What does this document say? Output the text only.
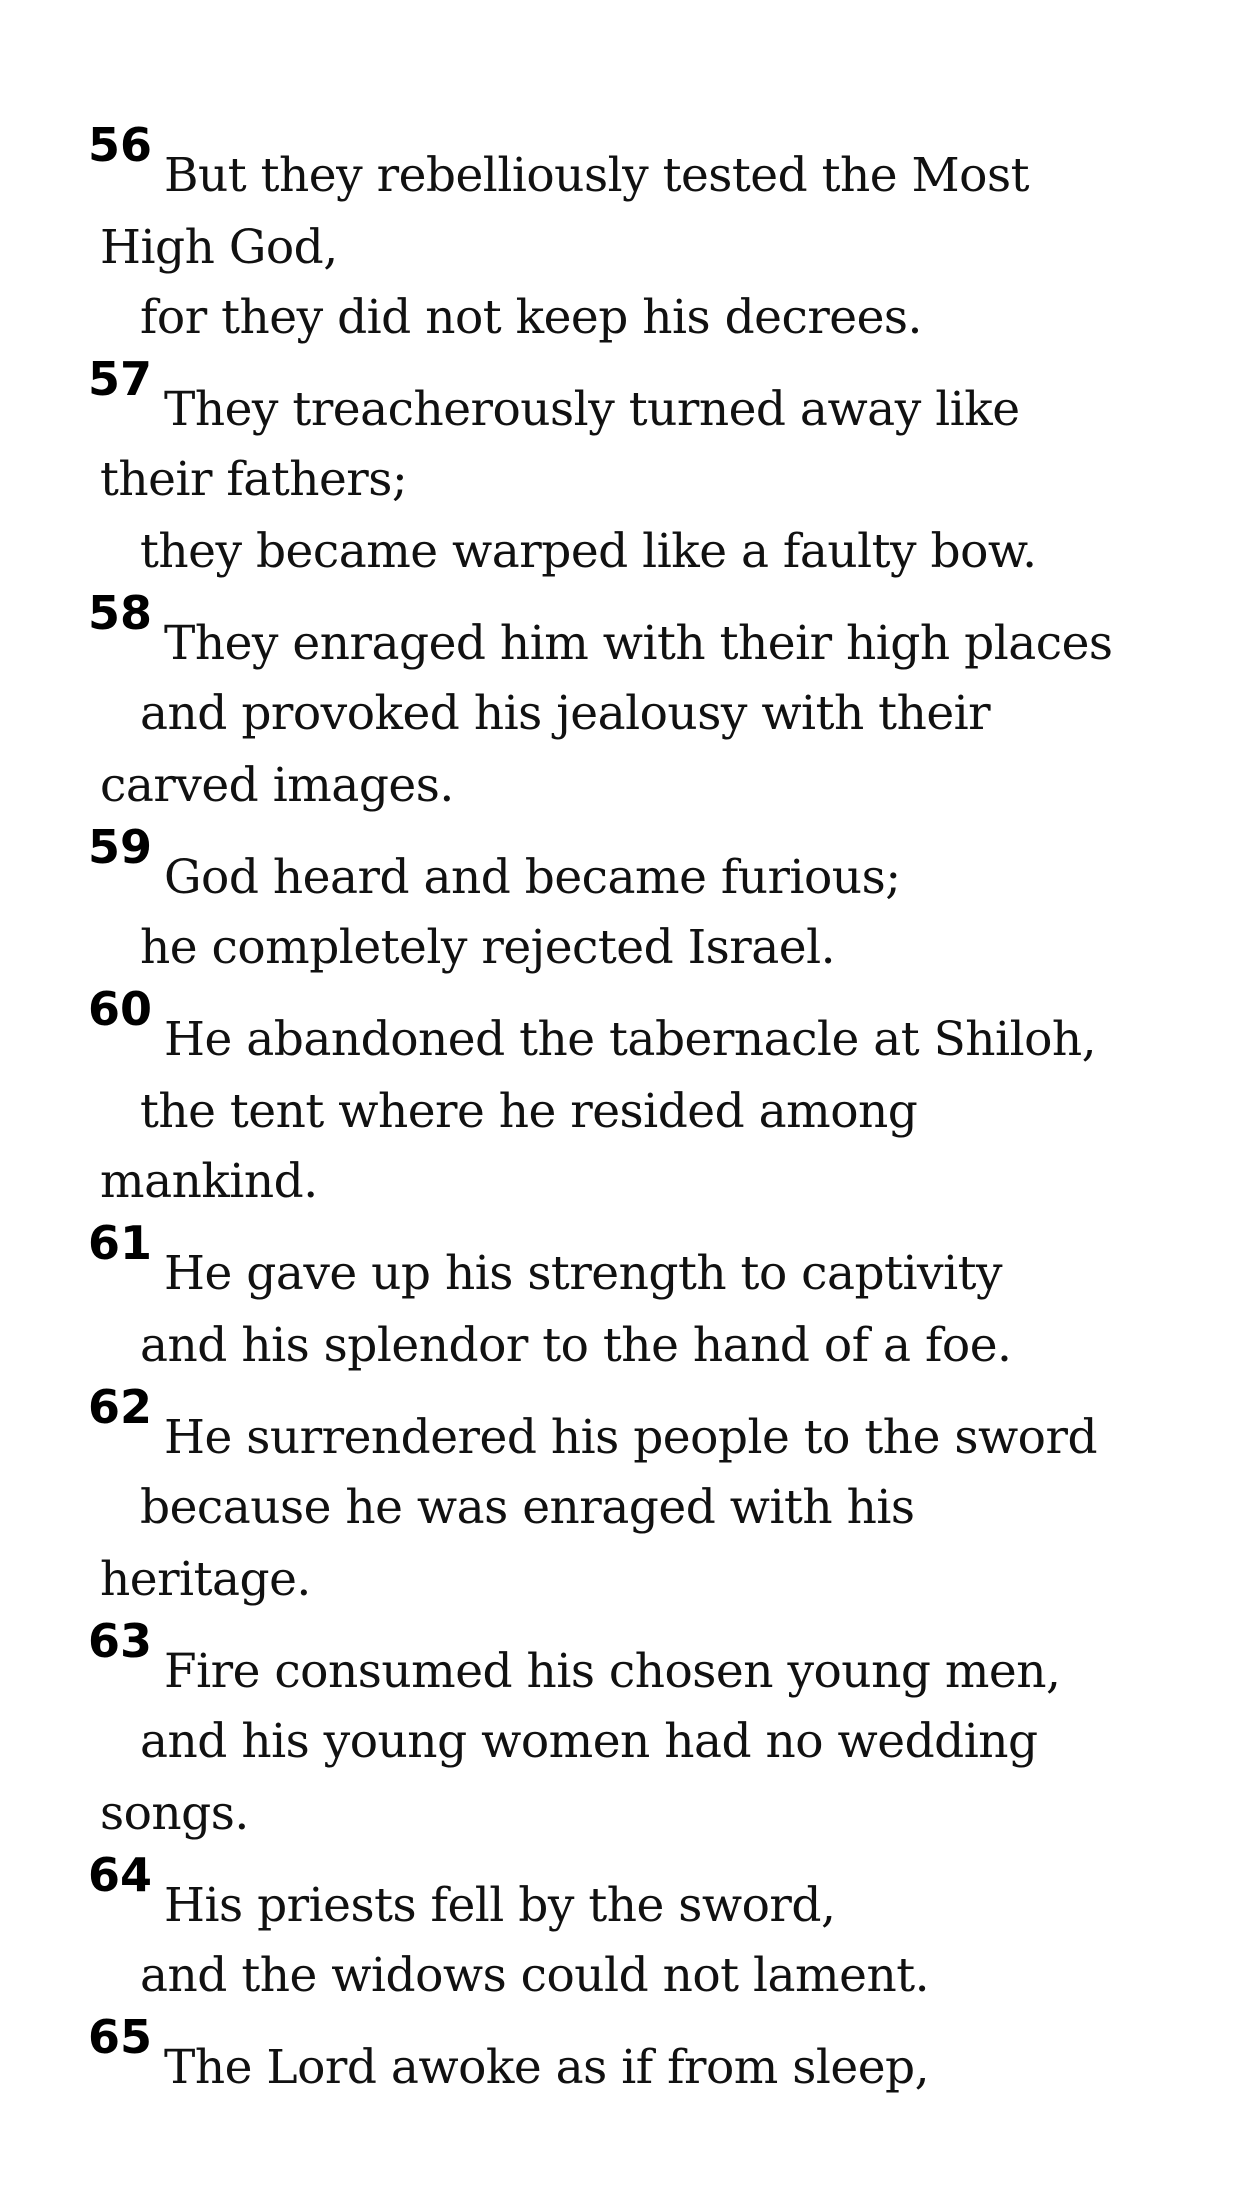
56
But they rebelliously tested the Most
High God,
for they did not keep his decrees.
57
They treacherously turned away like
their fathers;
they became warped like a faulty bow.
58
They enraged him with their high places
and provoked his jealousy with their
carved images.
59
God heard and became furious;
he completely rejected Israel.
60
He abandoned the tabernacle at Shiloh,
the tent where he resided among
mankind.
61
He gave up his strength to captivity
and his splendor to the hand of a foe.
62
He surrendered his people to the sword
because he was enraged with his
heritage.
63
Fire consumed his chosen young men,
and his young women had no wedding
songs.
64
His priests fell by the sword,
and the widows could not lament.
65
The Lord awoke as if from sleep,
